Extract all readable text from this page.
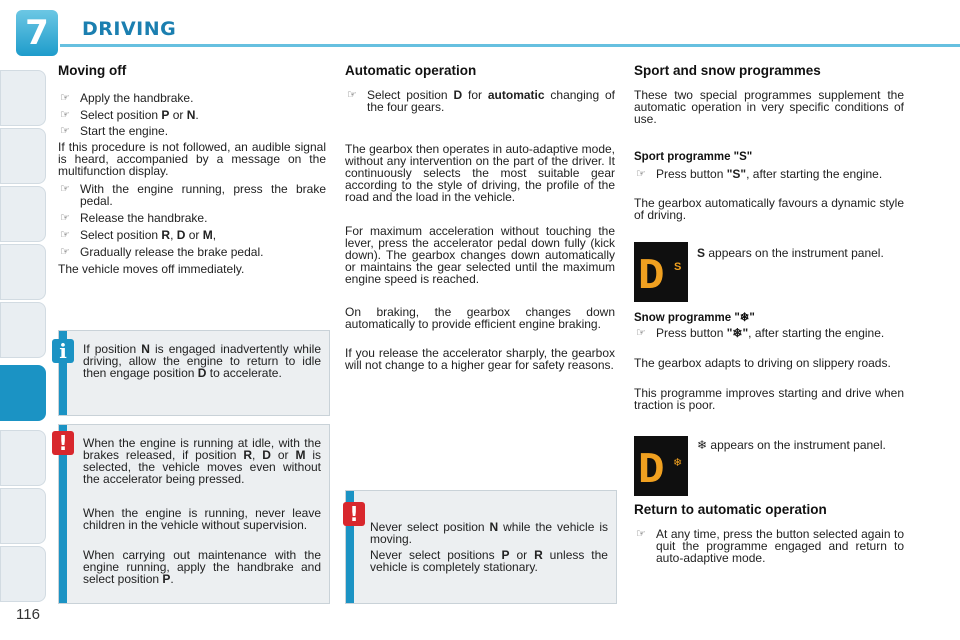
7	DRIVING
116
Moving off
☞ Apply the handbrake.
☞ Select position P or N.
☞ Start the engine.
If this procedure is not followed, an audible signal is heard, accompanied by a message on the multifunction display.
☞ With the engine running, press the brake pedal.
☞ Release the handbrake.
☞ Select position R, D or M,
☞ Gradually release the brake pedal.
The vehicle moves off immediately.
If position N is engaged inadvertently while driving, allow the engine to return to idle then engage position D to accelerate.
i
When the engine is running at idle, with the brakes released, if position R, D or M is selected, the vehicle moves even without the accelerator being pressed.
When the engine is running, never leave children in the vehicle without supervision.
When carrying out maintenance with the engine running, apply the handbrake and select position P.
!
Automatic operation
☞ Select position D for automatic changing of the four gears.
The gearbox then operates in auto-adaptive mode, without any intervention on the part of the driver. It continuously selects the most suitable gear according to the style of driving, the profile of the road and the load in the vehicle.
For maximum acceleration without touching the lever, press the accelerator pedal down fully (kick down). The gearbox changes down automatically or maintains the gear selected until the maximum engine speed is reached.
On braking, the gearbox changes down automatically to provide efficient engine braking.
If you release the accelerator sharply, the gearbox will not change to a higher gear for safety reasons.
Never select position N while the vehicle is moving.
Never select positions P or R unless the vehicle is completely stationary.
!
Sport and snow programmes
These two special programmes supplement the automatic operation in very specific conditions of use.
Sport programme "S"
☞ Press button "S", after starting the engine.
The gearbox automatically favours a dynamic style of driving.
D S
S appears on the instrument panel.
Snow programme "❄"
☞ Press button "❄", after starting the engine.
The gearbox adapts to driving on slippery roads.
This programme improves starting and drive when traction is poor.
D ❄
❄ appears on the instrument panel.
Return to automatic operation
☞ At any time, press the button selected again to quit the programme engaged and return to auto-adaptive mode.
